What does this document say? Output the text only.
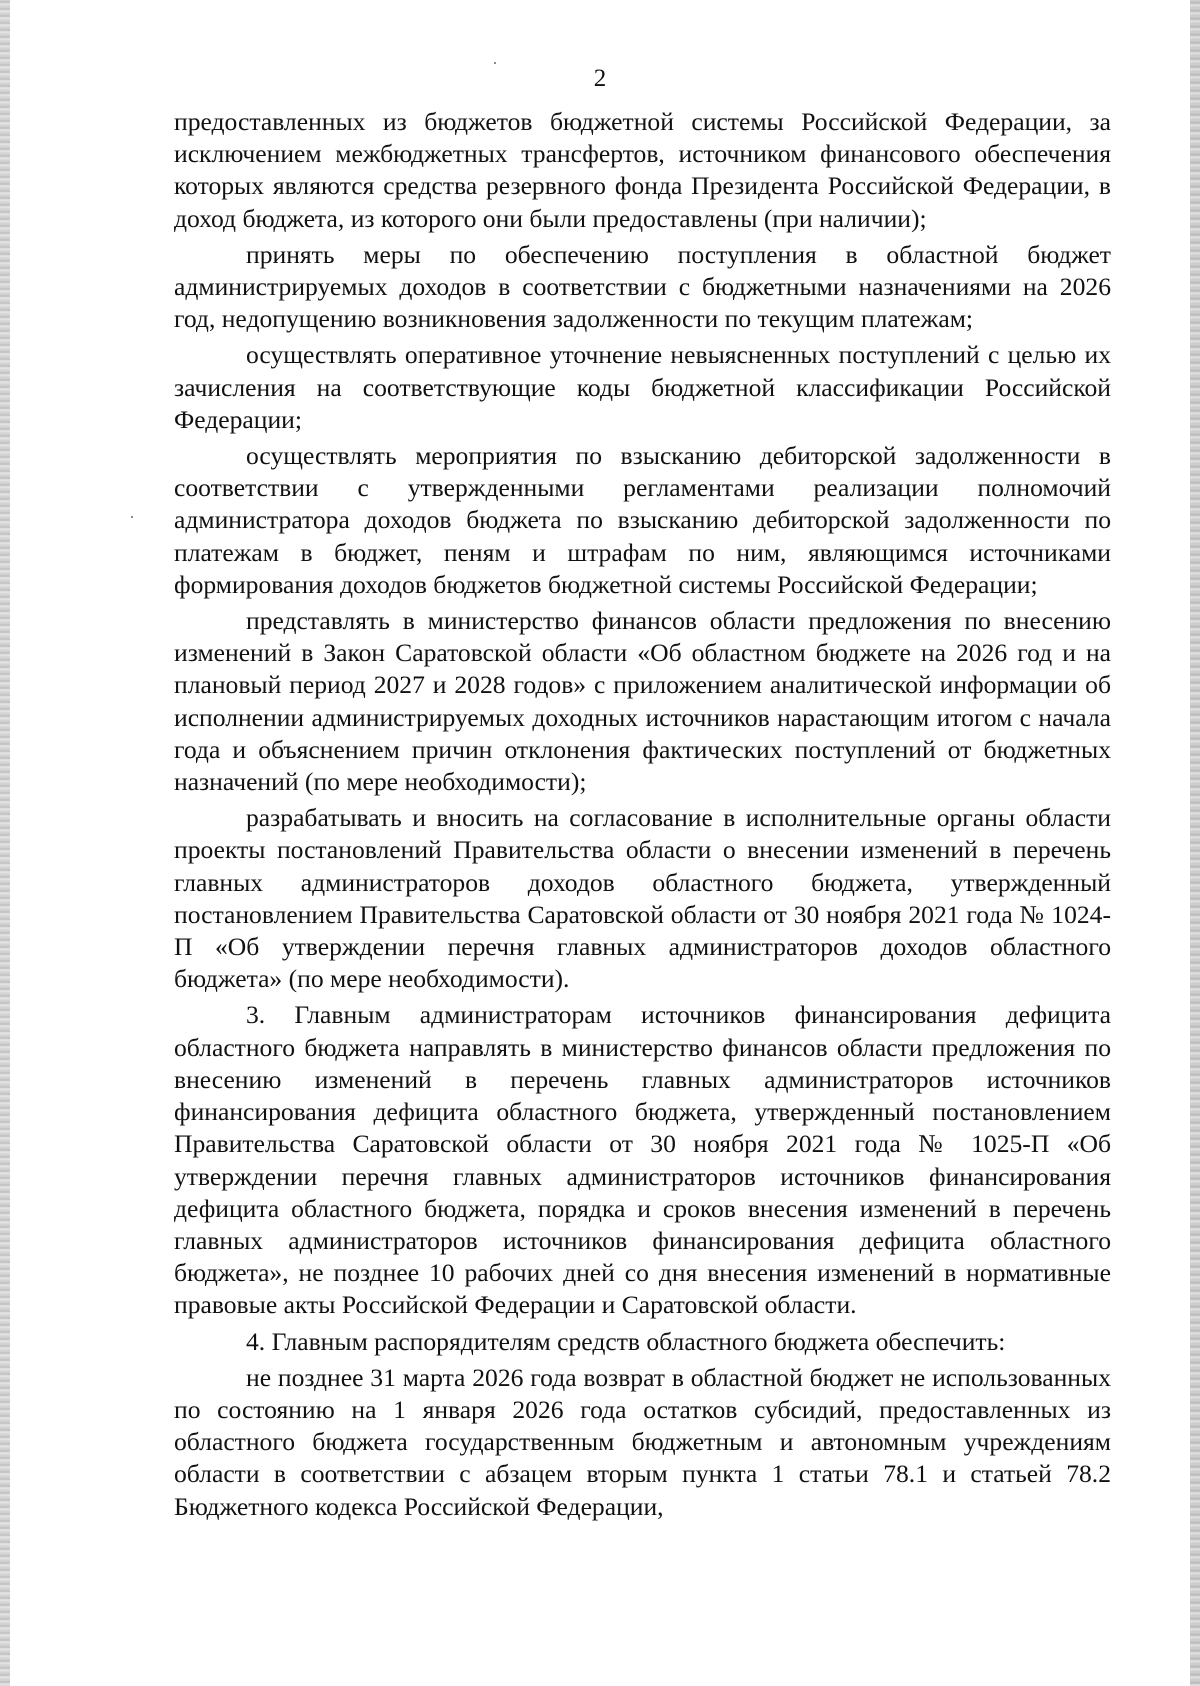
2

предоставленных из бюджетов бюджетной системы Российской Федерации, за исключением межбюджетных трансфертов, источником финансового обеспечения которых являются средства резервного фонда Президента Российской Федерации, в доход бюджета, из которого они были предоставлены (при наличии);

принять меры по обеспечению поступления в областной бюджет администрируемых доходов в соответствии с бюджетными назначениями на 2026 год, недопущению возникновения задолженности по текущим платежам;

осуществлять оперативное уточнение невыясненных поступлений с целью их зачисления на соответствующие коды бюджетной классификации Российской Федерации;

осуществлять мероприятия по взысканию дебиторской задолженности в соответствии с утвержденными регламентами реализации полномочий администратора доходов бюджета по взысканию дебиторской задолженности по платежам в бюджет, пеням и штрафам по ним, являющимся источниками формирования доходов бюджетов бюджетной системы Российской Федерации;

представлять в министерство финансов области предложения по внесению изменений в Закон Саратовской области «Об областном бюджете на 2026 год и на плановый период 2027 и 2028 годов» с приложением аналитической информации об исполнении администрируемых доходных источников нарастающим итогом с начала года и объяснением причин отклонения фактических поступлений от бюджетных назначений (по мере необходимости);

разрабатывать и вносить на согласование в исполнительные органы области проекты постановлений Правительства области о внесении изменений в перечень главных администраторов доходов областного бюджета, утвержденный постановлением Правительства Саратовской области от 30 ноября 2021 года № 1024-П «Об утверждении перечня главных администраторов доходов областного бюджета» (по мере необходимости).

3. Главным администраторам источников финансирования дефицита областного бюджета направлять в министерство финансов области предложения по внесению изменений в перечень главных администраторов источников финансирования дефицита областного бюджета, утвержденный постановлением Правительства Саратовской области от 30 ноября 2021 года № 1025-П «Об утверждении перечня главных администраторов источников финансирования дефицита областного бюджета, порядка и сроков внесения изменений в перечень главных администраторов источников финансирования дефицита областного бюджета», не позднее 10 рабочих дней со дня внесения изменений в нормативные правовые акты Российской Федерации и Саратовской области.

4. Главным распорядителям средств областного бюджета обеспечить:

не позднее 31 марта 2026 года возврат в областной бюджет не использованных по состоянию на 1 января 2026 года остатков субсидий, предоставленных из областного бюджета государственным бюджетным и автономным учреждениям области в соответствии с абзацем вторым пункта 1 статьи 78.1 и статьей 78.2 Бюджетного кодекса Российской Федерации,
